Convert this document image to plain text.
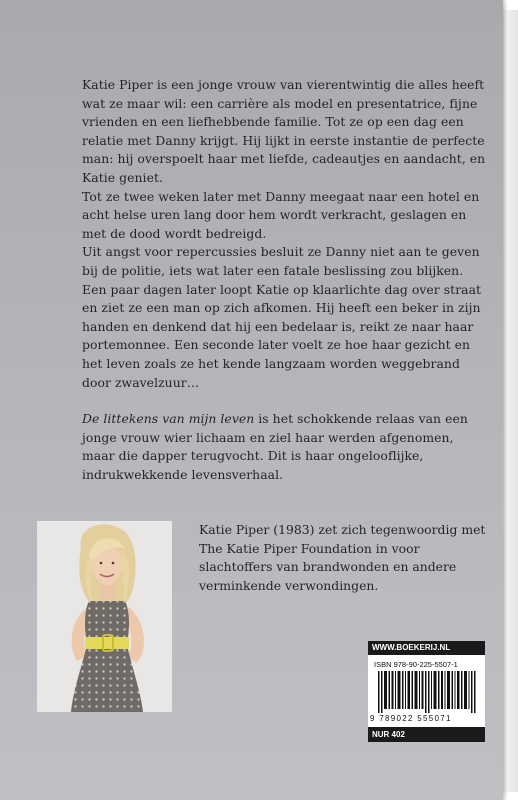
Katie Piper is een jonge vrouw van vierentwintig die alles heeft wat ze maar wil: een carrière als model en presentatrice, fijne vrienden en een liefhebbende familie. Tot ze op een dag een relatie met Danny krijgt. Hij lijkt in eerste instantie de perfecte man: hij overspoelt haar met liefde, cadeautjes en aandacht, en Katie geniet.

Tot ze twee weken later met Danny meegaat naar een hotel en acht helse uren lang door hem wordt verkracht, geslagen en met de dood wordt bedreigd.

Uit angst voor repercussies besluit ze Danny niet aan te geven bij de politie, iets wat later een fatale beslissing zou blijken. Een paar dagen later loopt Katie op klaarlichte dag over straat en ziet ze een man op zich afkomen. Hij heeft een beker in zijn handen en denkend dat hij een bedelaar is, reikt ze naar haar portemonnee. Een seconde later voelt ze hoe haar gezicht en het leven zoals ze het kende langzaam worden weggebrand door zwavelzuur…

De littekens van mijn leven is het schokkende relaas van een jonge vrouw wier lichaam en ziel haar werden afgenomen, maar die dapper terugvocht. Dit is haar ongelooflijke, indrukwekkende levensverhaal.

Katie Piper (1983) zet zich tegenwoordig met The Katie Piper Foundation in voor slachtoffers van brandwonden en andere verminkende verwondingen.
WWW.BOEKERIJ.NL
ISBN 978-90-225-5507-1
9 789022 555071
NUR 402
